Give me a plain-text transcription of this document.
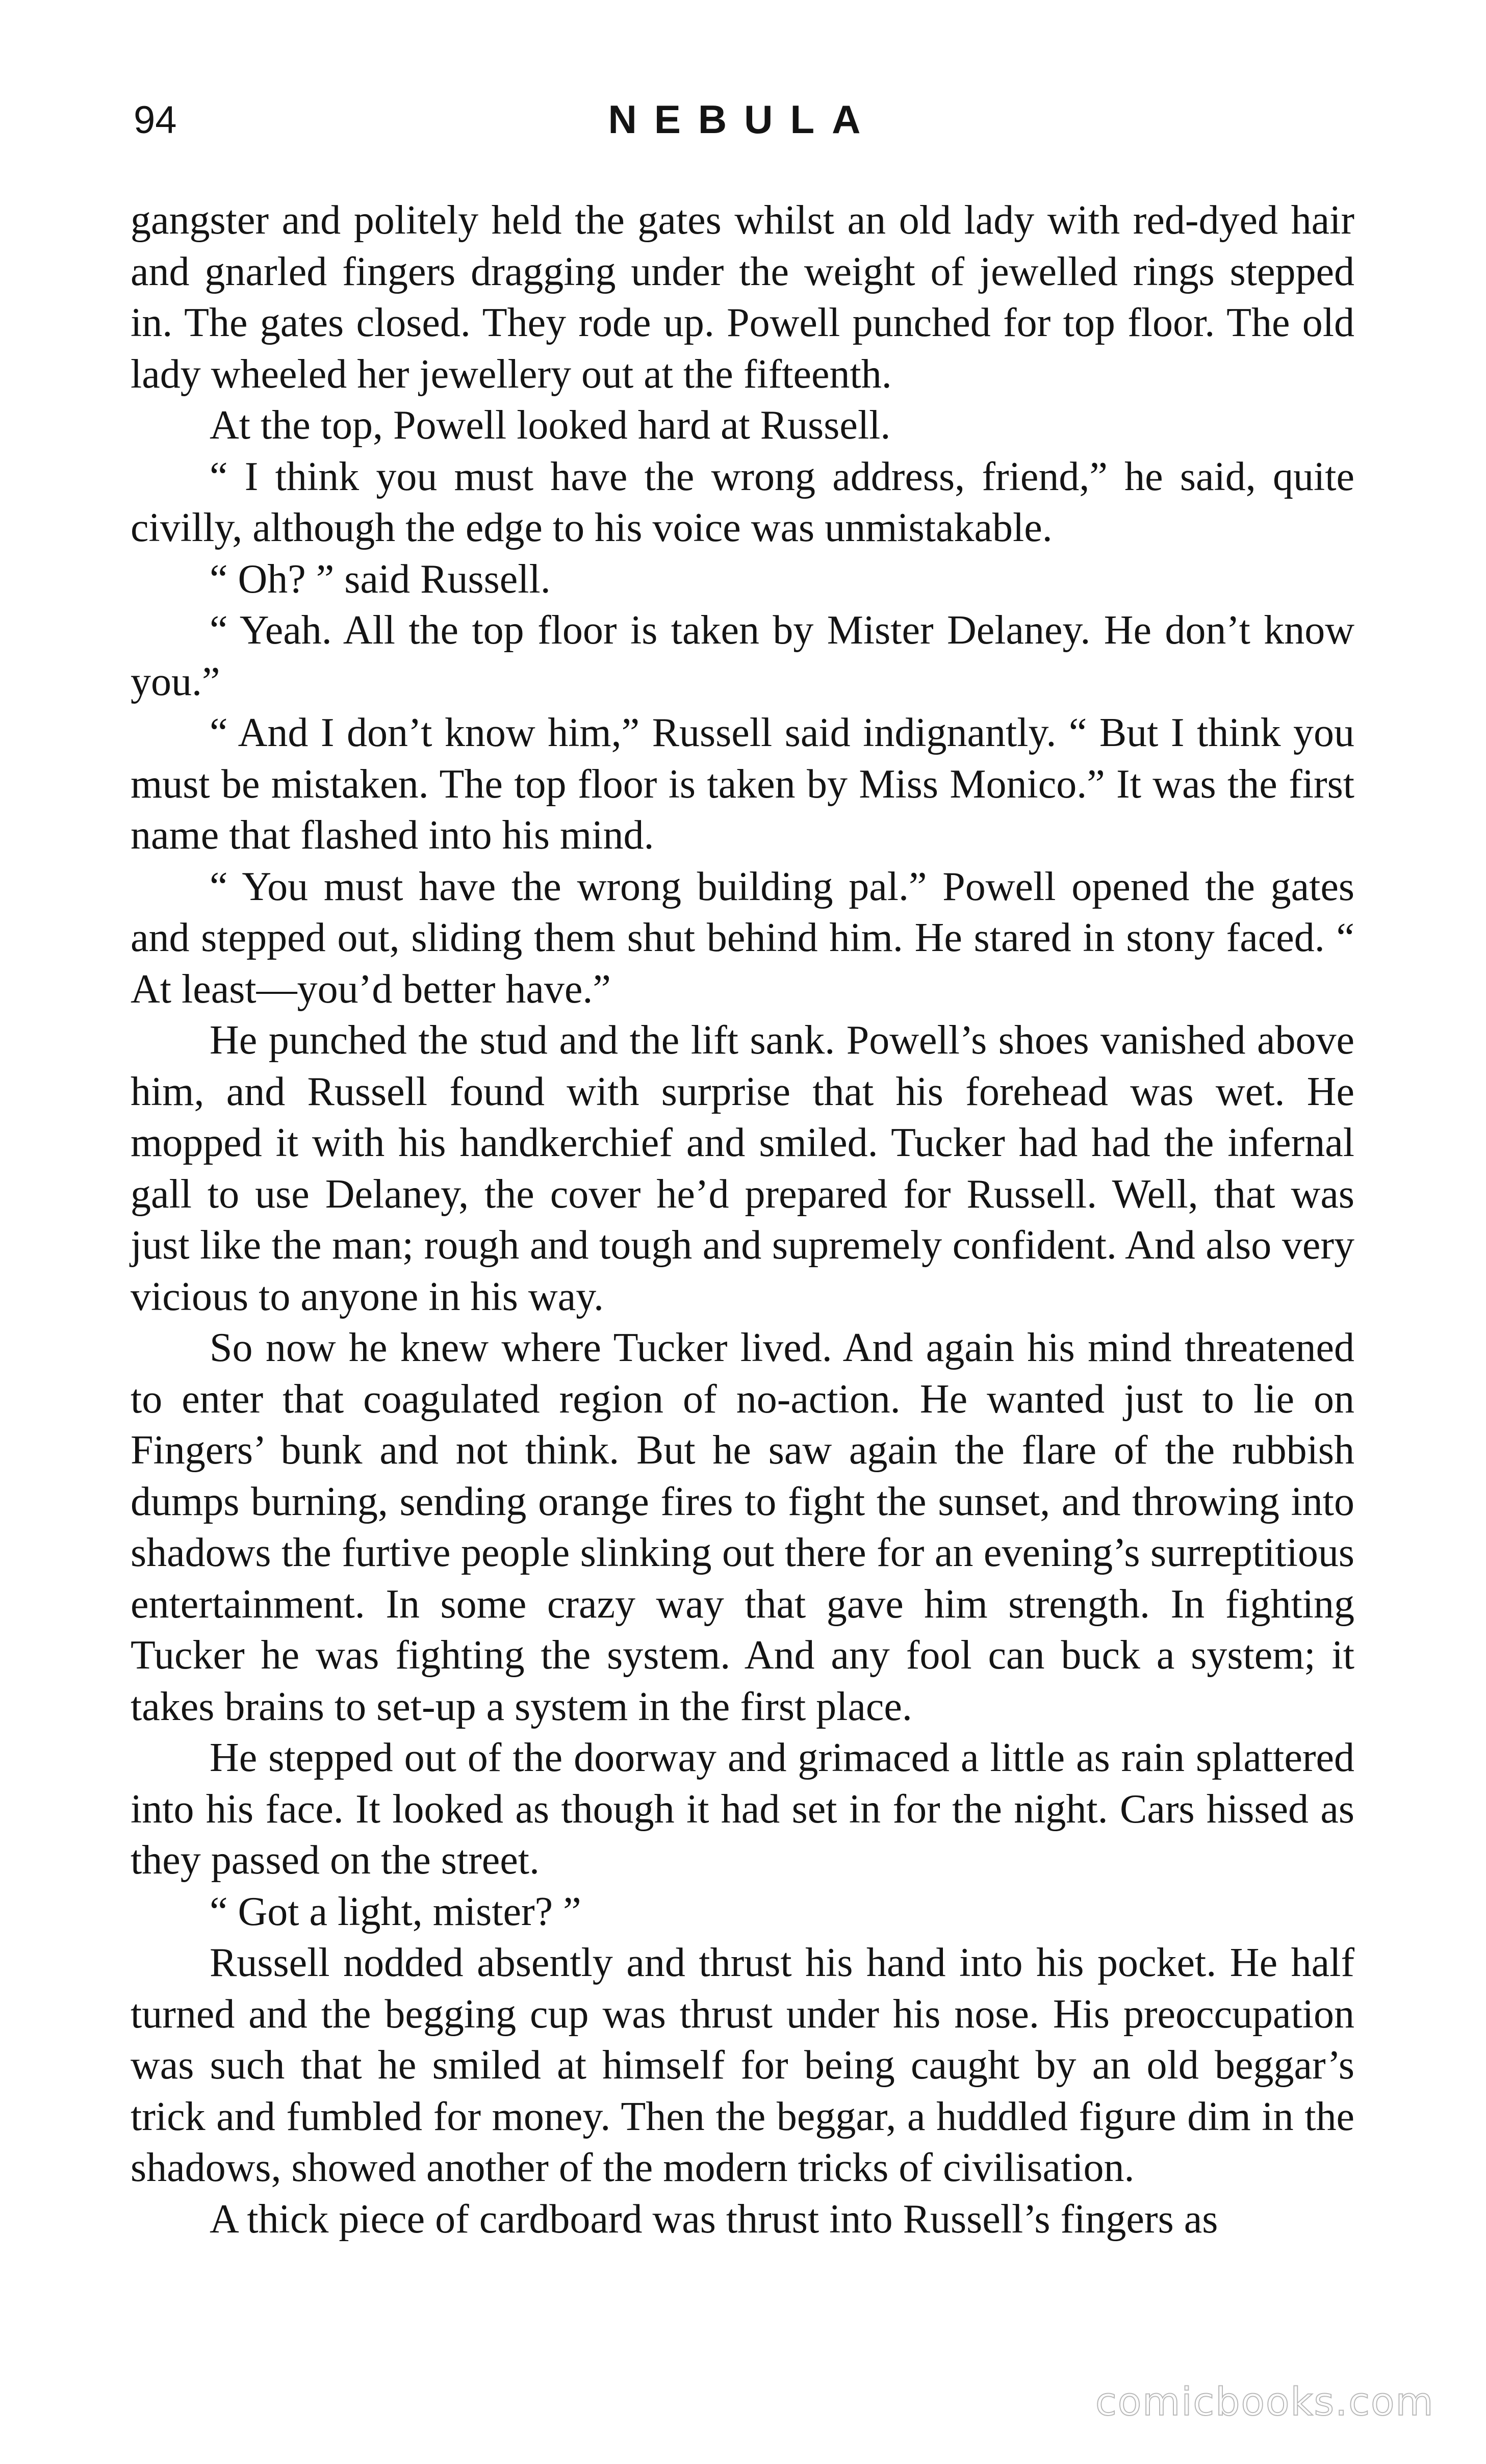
94	NEBULA

gangster and politely held the gates whilst an old lady with red-dyed hair and gnarled fingers dragging under the weight of jewelled rings stepped in. The gates closed. They rode up. Powell punched for top floor. The old lady wheeled her jewellery out at the fifteenth.

At the top, Powell looked hard at Russell.

“ I think you must have the wrong address, friend,” he said, quite civilly, although the edge to his voice was unmistakable.

“ Oh? ” said Russell.

“ Yeah. All the top floor is taken by Mister Delaney. He don’t know you.”

“ And I don’t know him,” Russell said indignantly. “ But I think you must be mistaken. The top floor is taken by Miss Monico.” It was the first name that flashed into his mind.

“ You must have the wrong building pal.” Powell opened the gates and stepped out, sliding them shut behind him. He stared in stony faced. “ At least—you’d better have.”

He punched the stud and the lift sank. Powell’s shoes vanished above him, and Russell found with surprise that his forehead was wet. He mopped it with his handkerchief and smiled. Tucker had had the infernal gall to use Delaney, the cover he’d prepared for Russell. Well, that was just like the man; rough and tough and supremely confident. And also very vicious to anyone in his way.

So now he knew where Tucker lived. And again his mind threatened to enter that coagulated region of no-action. He wanted just to lie on Fingers’ bunk and not think. But he saw again the flare of the rubbish dumps burning, sending orange fires to fight the sunset, and throwing into shadows the furtive people slinking out there for an evening’s surreptitious entertainment. In some crazy way that gave him strength. In fighting Tucker he was fighting the system. And any fool can buck a system; it takes brains to set-up a system in the first place.

He stepped out of the doorway and grimaced a little as rain splattered into his face. It looked as though it had set in for the night. Cars hissed as they passed on the street.

“ Got a light, mister? ”

Russell nodded absently and thrust his hand into his pocket. He half turned and the begging cup was thrust under his nose. His preoccupation was such that he smiled at himself for being caught by an old beggar’s trick and fumbled for money. Then the beggar, a huddled figure dim in the shadows, showed another of the modern tricks of civilisation.

A thick piece of cardboard was thrust into Russell’s fingers as

comicbooks.com
